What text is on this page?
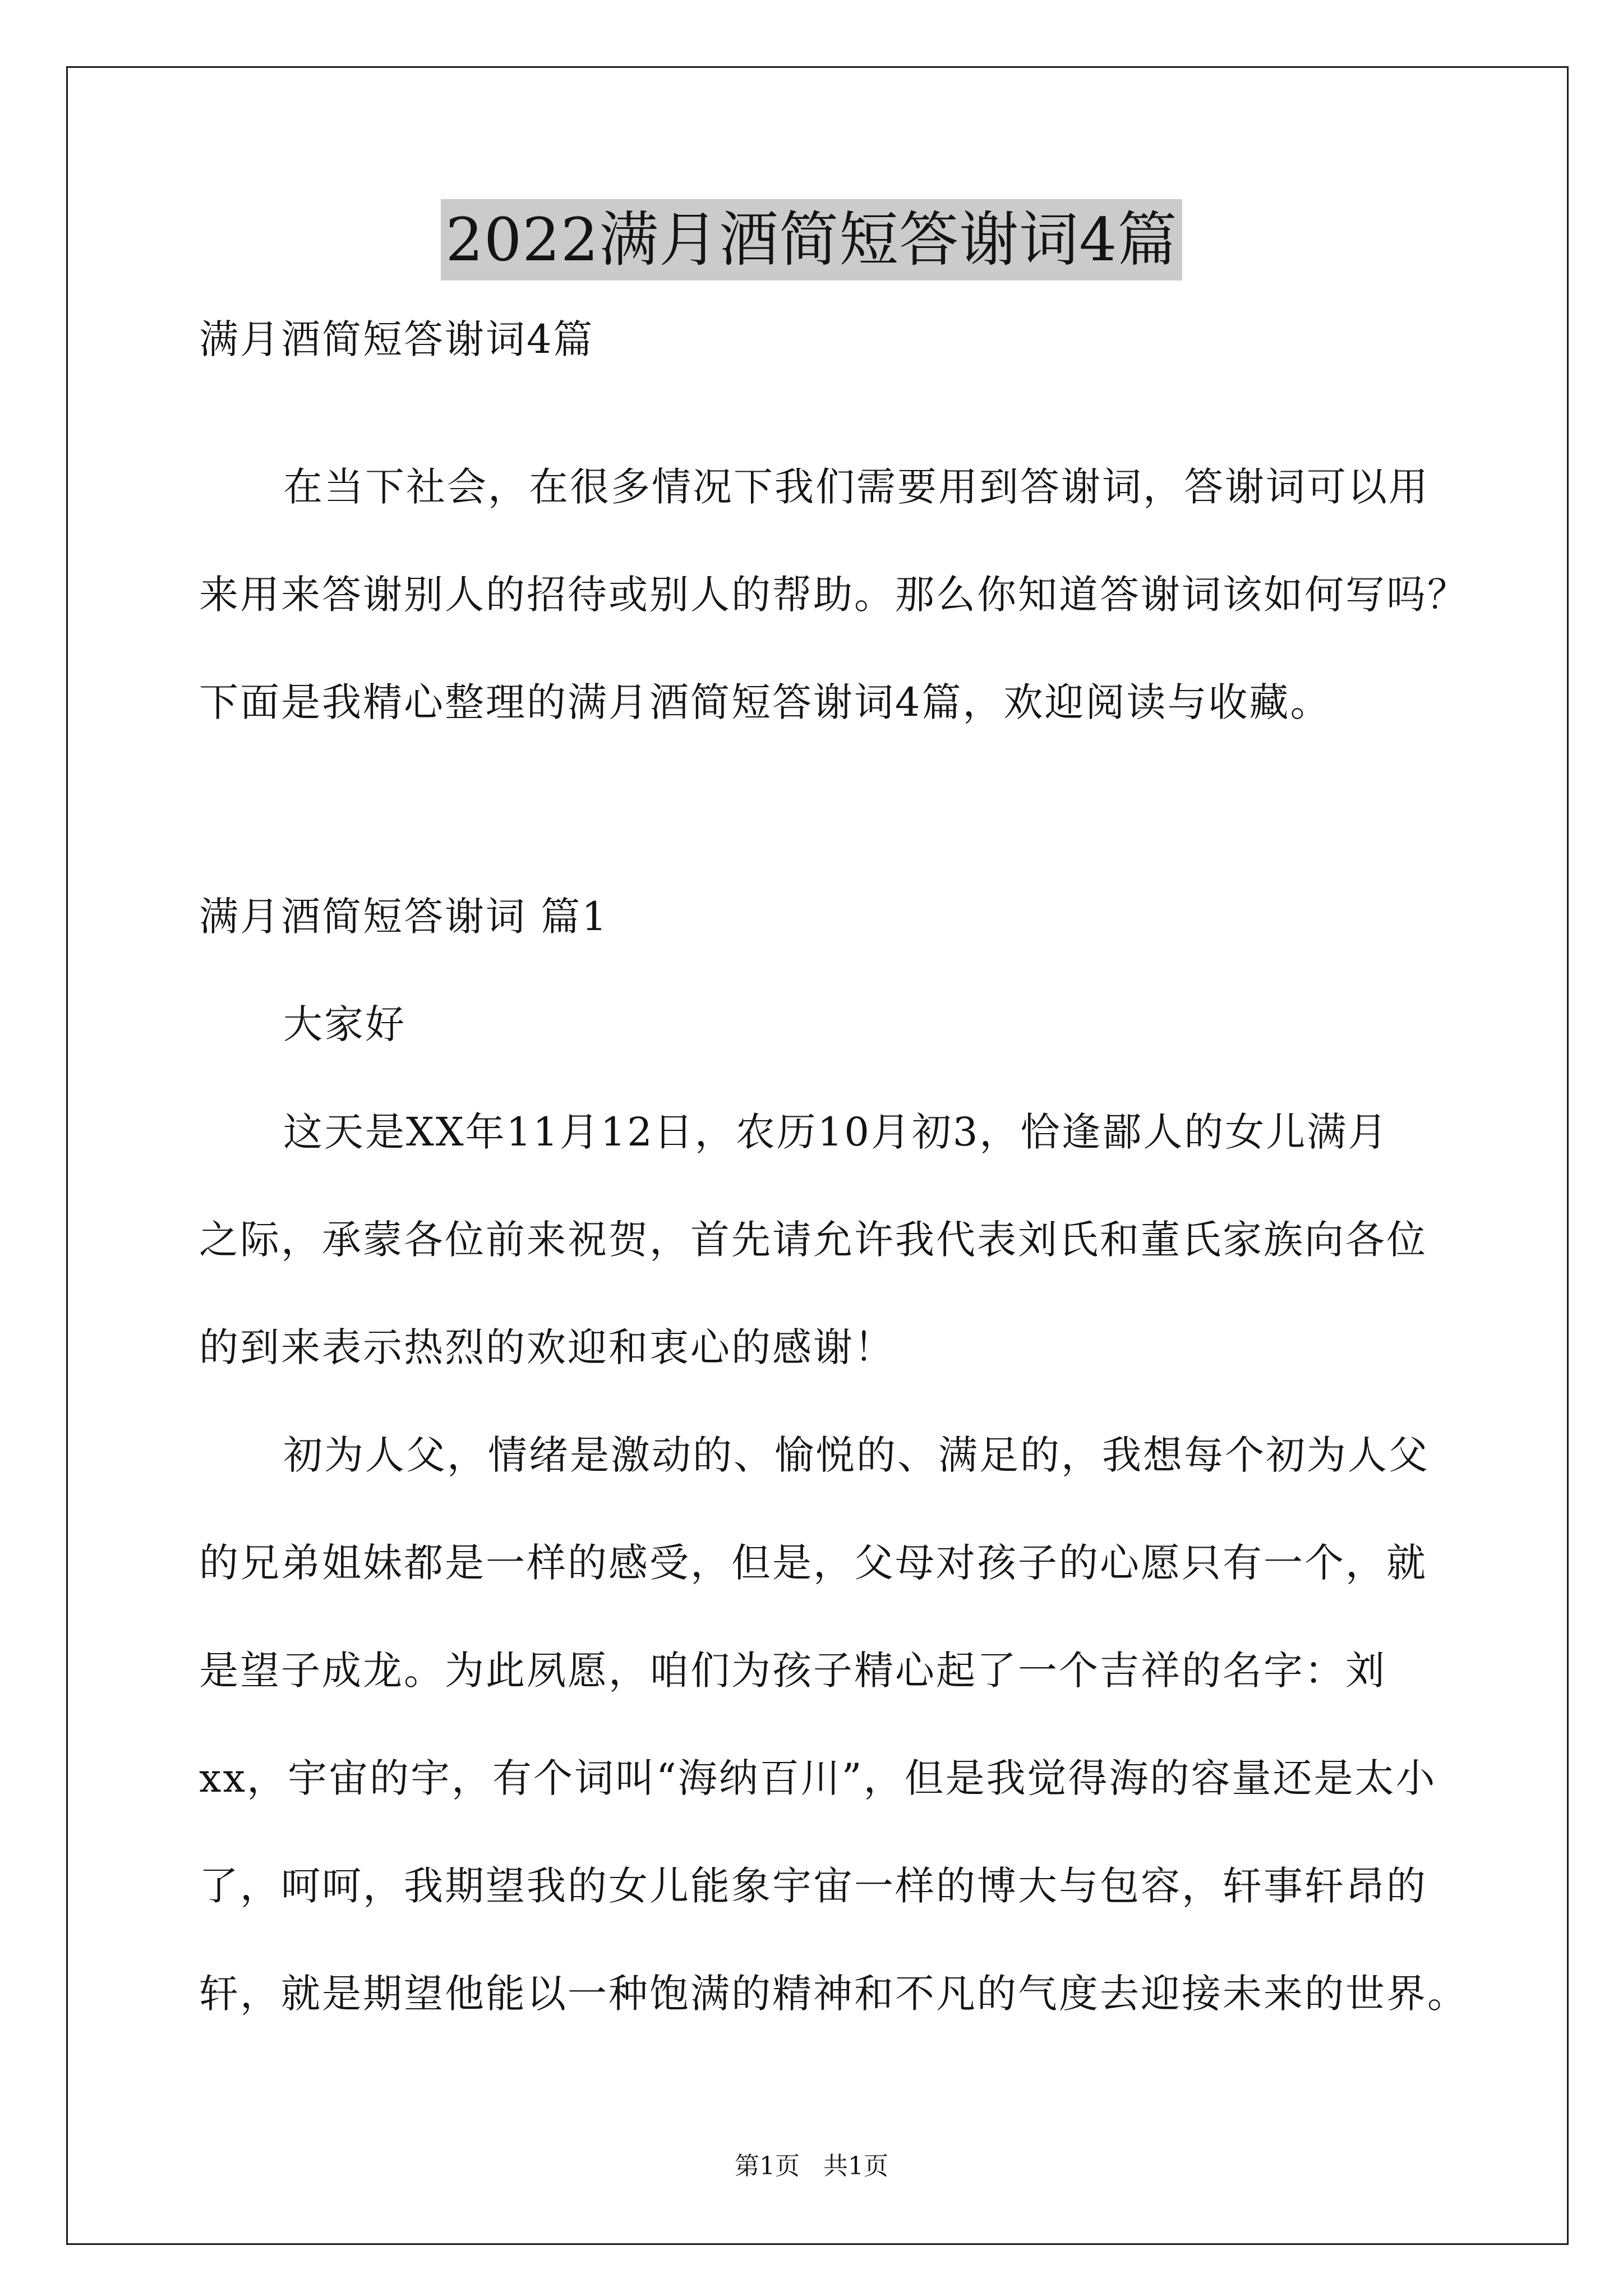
2022满月酒简短答谢词4篇
满月酒简短答谢词4篇
在当下社会，在很多情况下我们需要用到答谢词，答谢词可以用
来用来答谢别人的招待或别人的帮助。那么你知道答谢词该如何写吗？
下面是我精心整理的满月酒简短答谢词4篇，欢迎阅读与收藏。
满月酒简短答谢词 篇1
大家好
这天是XX年11月12日，农历10月初3，恰逢鄙人的女儿满月
之际，承蒙各位前来祝贺，首先请允许我代表刘氏和董氏家族向各位
的到来表示热烈的欢迎和衷心的感谢！
初为人父，情绪是激动的、愉悦的、满足的，我想每个初为人父
的兄弟姐妹都是一样的感受，但是，父母对孩子的心愿只有一个，就
是望子成龙。为此夙愿，咱们为孩子精心起了一个吉祥的名字：刘
xx，宇宙的宇，有个词叫“海纳百川”，但是我觉得海的容量还是太小
了，呵呵，我期望我的女儿能象宇宙一样的博大与包容，轩事轩昂的
轩，就是期望他能以一种饱满的精神和不凡的气度去迎接未来的世界。
第1页   共1页
